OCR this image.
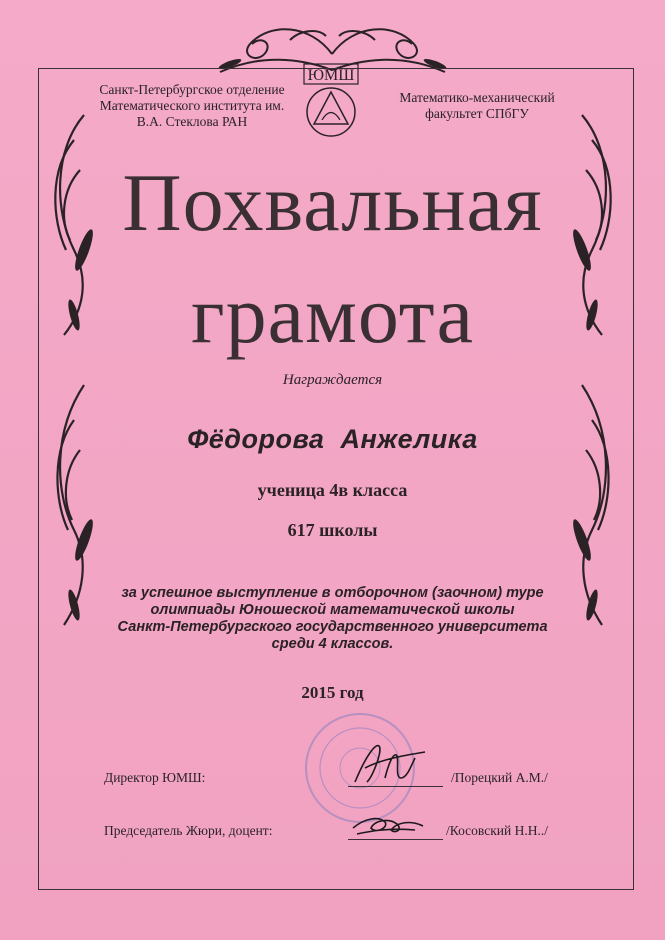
Санкт-Петербургское отделение
Математического института им.
В.А. Стеклова РАН
ЮМШ
Математико-механический
факультет СПбГУ
Похвальная
грамота
Награждается
Фёдорова  Анжелика
ученица 4в класса
617 школы
за успешное выступление в отборочном (заочном) туре
олимпиады Юношеской математической школы
Санкт-Петербургского государственного университета
среди 4 классов.
2015 год
Директор ЮМШ:	/Порецкий А.М./
Председатель Жюри, доцент:	/Косовский Н.Н../
